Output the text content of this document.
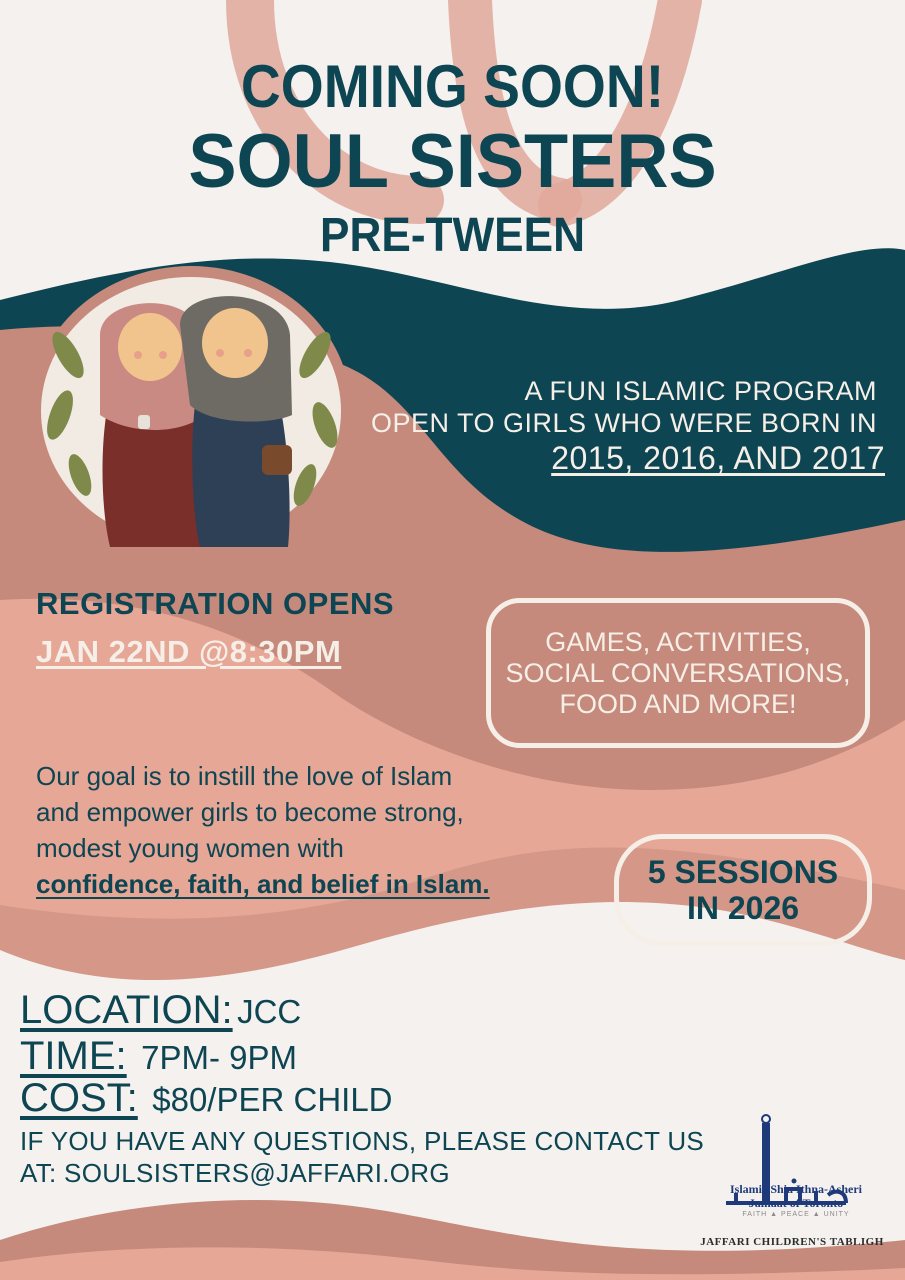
COMING SOON!
SOUL SISTERS
PRE-TWEEN
A FUN ISLAMIC PROGRAM
OPEN TO GIRLS WHO WERE BORN IN
2015, 2016, AND 2017
REGISTRATION OPENS
JAN 22ND @8:30PM	GAMES, ACTIVITIES,
SOCIAL CONVERSATIONS,
FOOD AND MORE!
Our goal is to instill the love of Islam
and empower girls to become strong,
modest young women with
confidence, faith, and belief in Islam.	5 SESSIONS
IN 2026
LOCATION: JCC
TIME: 7PM- 9PM
COST: $80/PER CHILD
IF YOU HAVE ANY QUESTIONS, PLEASE CONTACT US
AT: SOULSISTERS@JAFFARI.ORG
Islamic Shia Ithna-Asheri
Jamaat of Toronto
FAITH ▲ PEACE ▲ UNITY
JAFFARI CHILDREN'S TABLIGH
